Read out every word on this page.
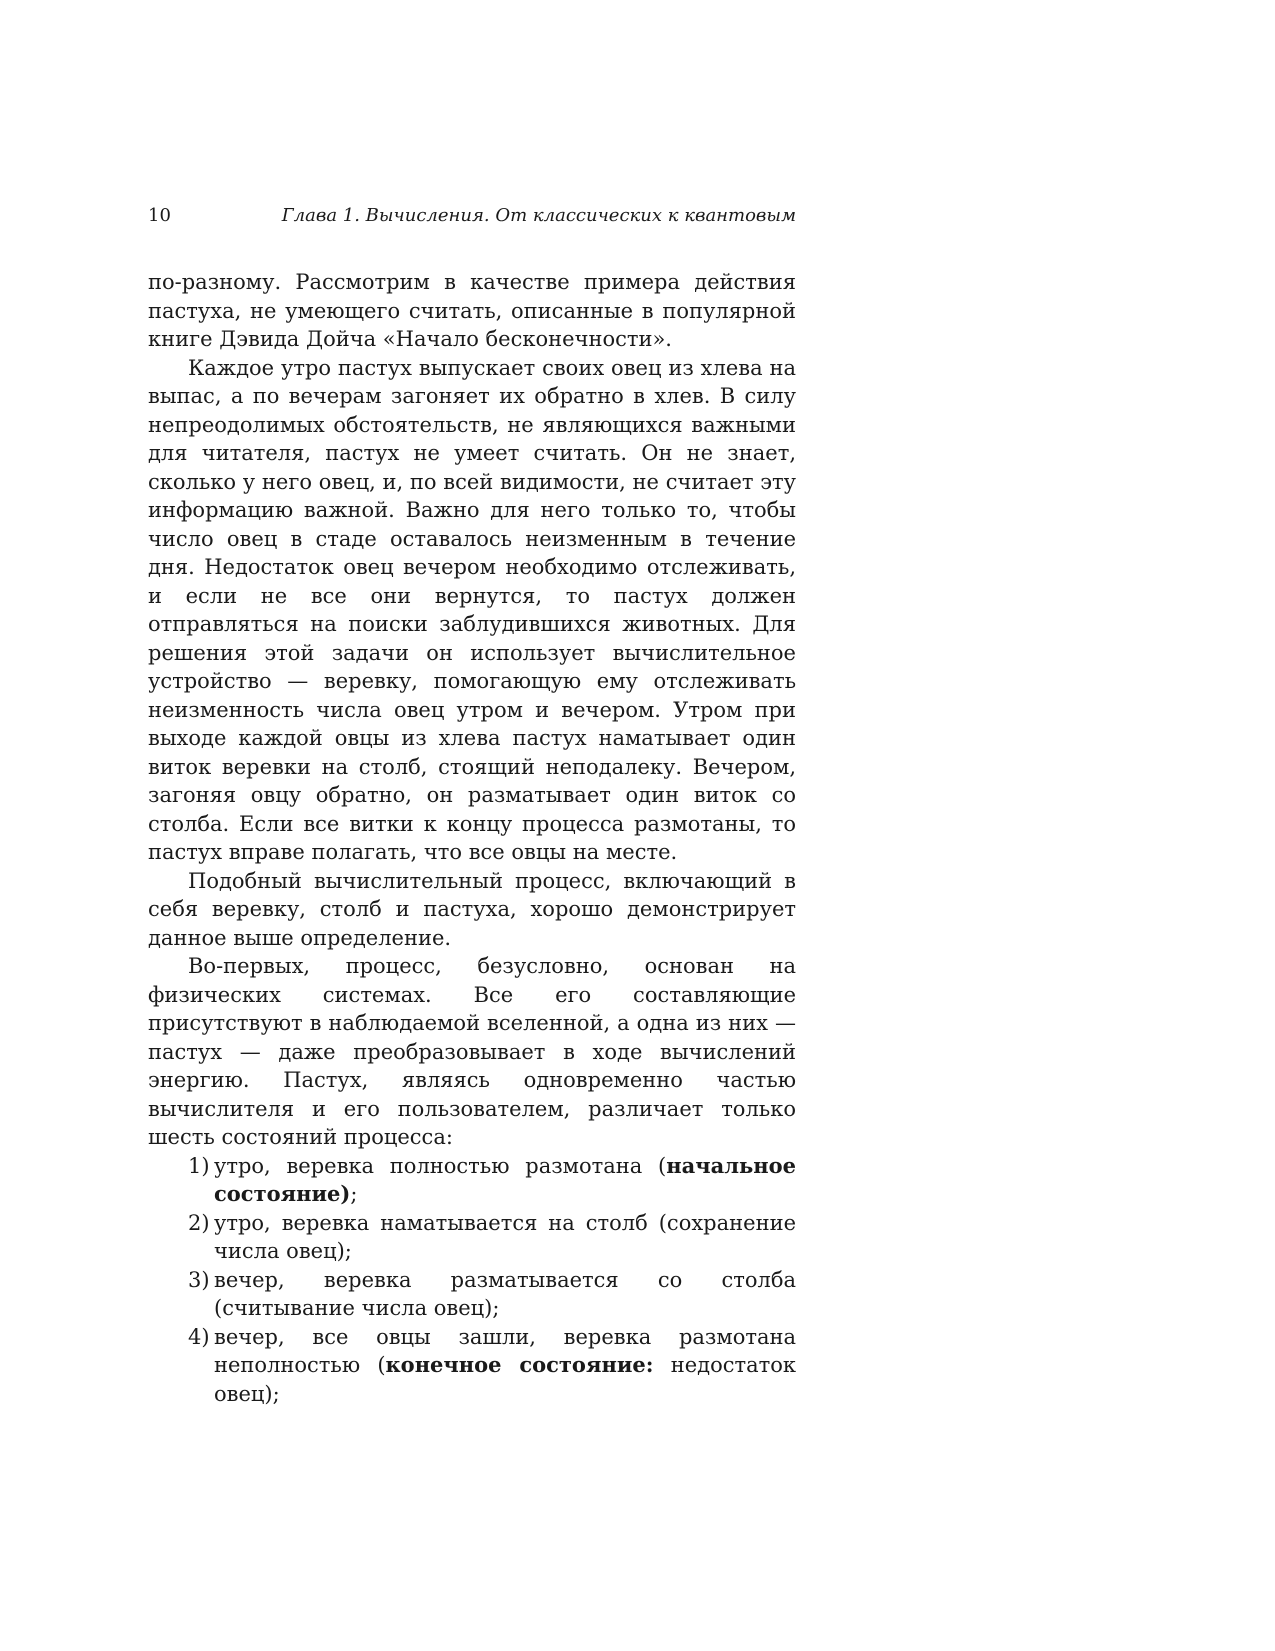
10	Глава 1. Вычисления. От классических к квантовым

по-разному. Рассмотрим в качестве примера действия пастуха, не умеющего считать, описанные в популярной книге Дэвида Дойча «Начало бесконечности».

Каждое утро пастух выпускает своих овец из хлева на выпас, а по вечерам загоняет их обратно в хлев. В силу непреодолимых обстоятельств, не являющихся важными для читателя, пастух не умеет считать. Он не знает, сколько у него овец, и, по всей видимости, не считает эту информацию важной. Важно для него только то, чтобы число овец в стаде оставалось неизменным в течение дня. Недостаток овец вечером необходимо отслеживать, и если не все они вернутся, то пастух должен отправляться на поиски заблудившихся животных. Для решения этой задачи он использует вычислительное устройство — веревку, помогающую ему отслеживать неизменность числа овец утром и вечером. Утром при выходе каждой овцы из хлева пастух наматывает один виток веревки на столб, стоящий неподалеку. Вечером, загоняя овцу обратно, он разматывает один виток со столба. Если все витки к концу процесса размотаны, то пастух вправе полагать, что все овцы на месте.

Подобный вычислительный процесс, включающий в себя веревку, столб и пастуха, хорошо демонстрирует данное выше определение.

Во-первых, процесс, безусловно, основан на физических системах. Все его составляющие присутствуют в наблюдаемой вселенной, а одна из них — пастух — даже преобразовывает в ходе вычислений энергию. Пастух, являясь одновременно частью вычислителя и его пользователем, различает только шесть состояний процесса:

1) утро, веревка полностью размотана (начальное состояние);
2) утро, веревка наматывается на столб (сохранение числа овец);
3) вечер, веревка разматывается со столба (считывание числа овец);
4) вечер, все овцы зашли, веревка размотана неполностью (конечное состояние: недостаток овец);
